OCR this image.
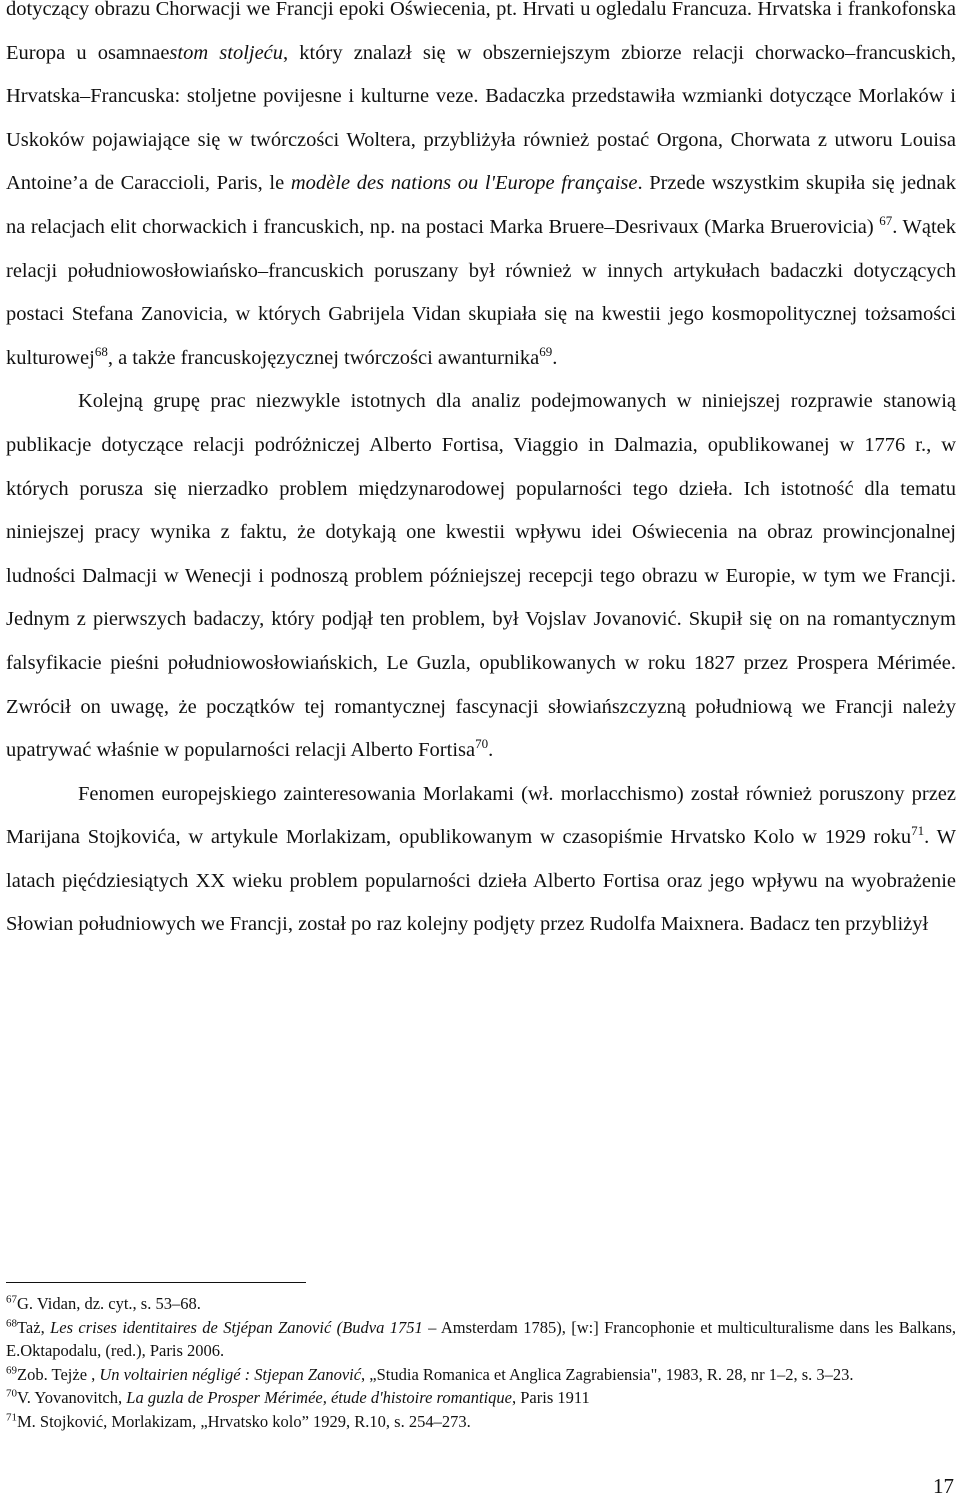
dotyczący obrazu Chorwacji we Francji epoki Oświecenia, pt. Hrvati u ogledalu Francuza. Hrvatska i frankofonska Europa u osamnaestom stoljeću, który znalazł się w obszerniejszym zbiorze relacji chorwacko–francuskich, Hrvatska–Francuska: stoljetne povijesne i kulturne veze. Badaczka przedstawiła wzmianki dotyczące Morlaków i Uskoków pojawiające się w twórczości Woltera, przybliżyła również postać Orgona, Chorwata z utworu Louisa Antoine’a de Caraccioli, Paris, le modèle des nations ou l'Europe française. Przede wszystkim skupiła się jednak na relacjach elit chorwackich i francuskich, np. na postaci Marka Bruere–Desrivaux (Marka Bruerovicia) $^{67}$. Wątek relacji południowosłowiańsko–francuskich poruszany był również w innych artykułach badaczki dotyczących postaci Stefana Zanovicia, w których Gabrijela Vidan skupiała się na kwestii jego kosmopolitycznej tożsamości kulturowej$^{68}$, a także francuskojęzycznej twórczości awanturnika$^{69}$.

Kolejną grupę prac niezwykle istotnych dla analiz podejmowanych w niniejszej rozprawie stanowią publikacje dotyczące relacji podróżniczej Alberto Fortisa, Viaggio in Dalmazia, opublikowanej w 1776 r., w których porusza się nierzadko problem międzynarodowej popularności tego dzieła. Ich istotność dla tematu niniejszej pracy wynika z faktu, że dotykają one kwestii wpływu idei Oświecenia na obraz prowincjonalnej ludności Dalmacji w Wenecji i podnoszą problem późniejszej recepcji tego obrazu w Europie, w tym we Francji. Jednym z pierwszych badaczy, który podjął ten problem, był Vojslav Jovanović. Skupił się on na romantycznym falsyfikacie pieśni południowosłowiańskich, Le Guzla, opublikowanych w roku 1827 przez Prospera Mérimée. Zwrócił on uwagę, że początków tej romantycznej fascynacji słowiańszczyzną południową we Francji należy upatrywać właśnie w popularności relacji Alberto Fortisa$^{70}$.

Fenomen europejskiego zainteresowania Morlakami (wł. morlacchismo) został również poruszony przez Marijana Stojkovića, w artykule Morlakizam, opublikowanym w czasopiśmie Hrvatsko Kolo w 1929 roku$^{71}$. W latach pięćdziesiątych XX wieku problem popularności dzieła Alberto Fortisa oraz jego wpływu na wyobrażenie Słowian południowych we Francji, został po raz kolejny podjęty przez Rudolfa Maixnera. Badacz ten przybliżył

$^{67}$G. Vidan, dz. cyt., s. 53–68.

$^{68}$Taż, Les crises identitaires de Stjépan Zanović (Budva 1751 – Amsterdam 1785), [w:] Francophonie et multiculturalisme dans les Balkans, E.Oktapodalu, (red.), Paris 2006.

$^{69}$Zob. Tejże , Un voltairien négligé : Stjepan Zanović, „Studia Romanica et Anglica Zagrabiensia", 1983, R. 28, nr 1–2, s. 3–23.

$^{70}$V. Yovanovitch, La guzla de Prosper Mérimée, étude d'histoire romantique, Paris 1911

$^{71}$M. Stojković, Morlakizam, „Hrvatsko kolo” 1929, R.10, s. 254–273.

17
